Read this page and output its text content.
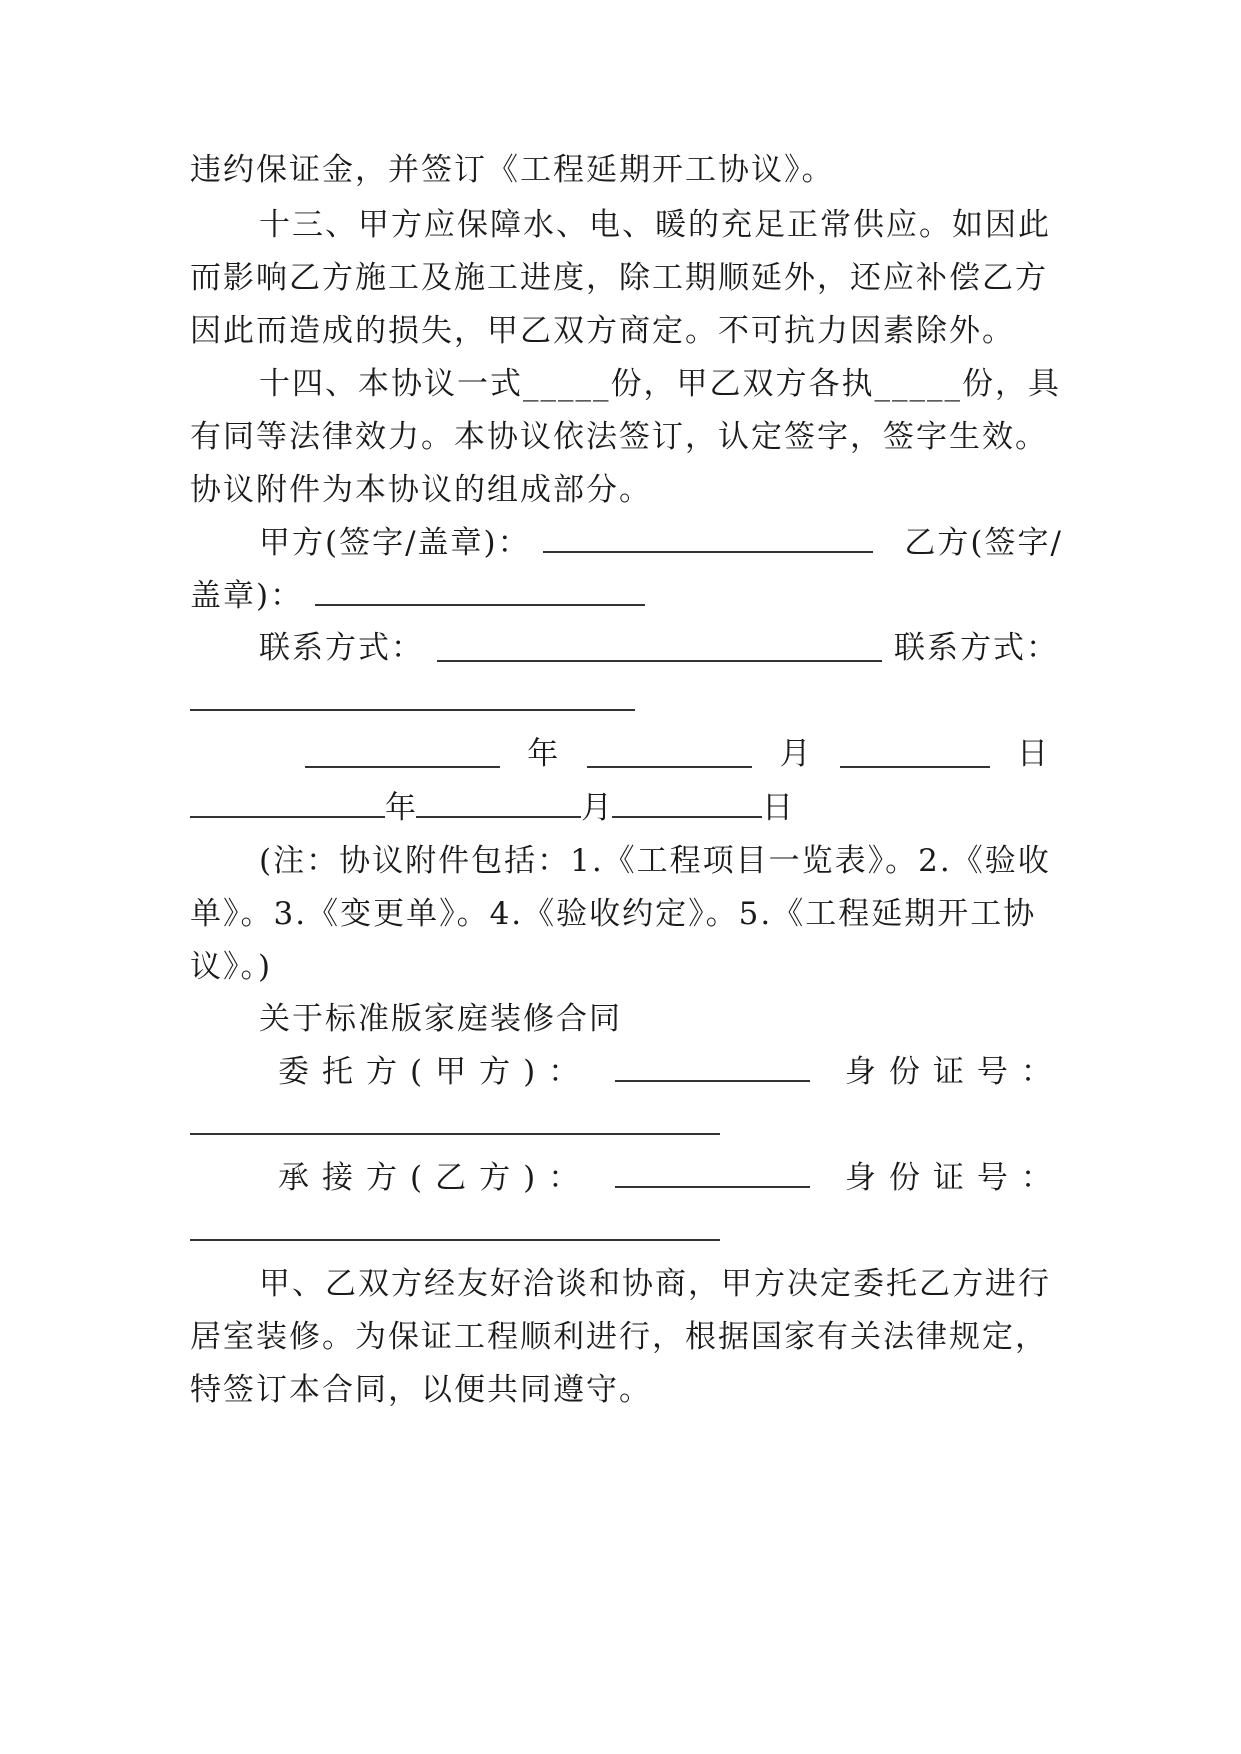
违约保证金，并签订《工程延期开工协议》。
十三、甲方应保障水、电、暖的充足正常供应。如因此
而影响乙方施工及施工进度，除工期顺延外，还应补偿乙方
因此而造成的损失，甲乙双方商定。不可抗力因素除外。
十四、本协议一式_____份，甲乙双方各执_____份，具
有同等法律效力。本协议依法签订，认定签字，签字生效。
协议附件为本协议的组成部分。
甲方(签字/盖章)：	乙方(签字/
盖章)：
联系方式：	联系方式：
年	月	日
年	月	日
(注：协议附件包括：1.《工程项目一览表》。2.《验收
单》。3.《变更单》。4.《验收约定》。5.《工程延期开工协
议》。)
关于标准版家庭装修合同
委托方(甲方)：	身份证号：
承接方(乙方)：	身份证号：
甲、乙双方经友好洽谈和协商，甲方决定委托乙方进行
居室装修。为保证工程顺利进行，根据国家有关法律规定，
特签订本合同，以便共同遵守。
